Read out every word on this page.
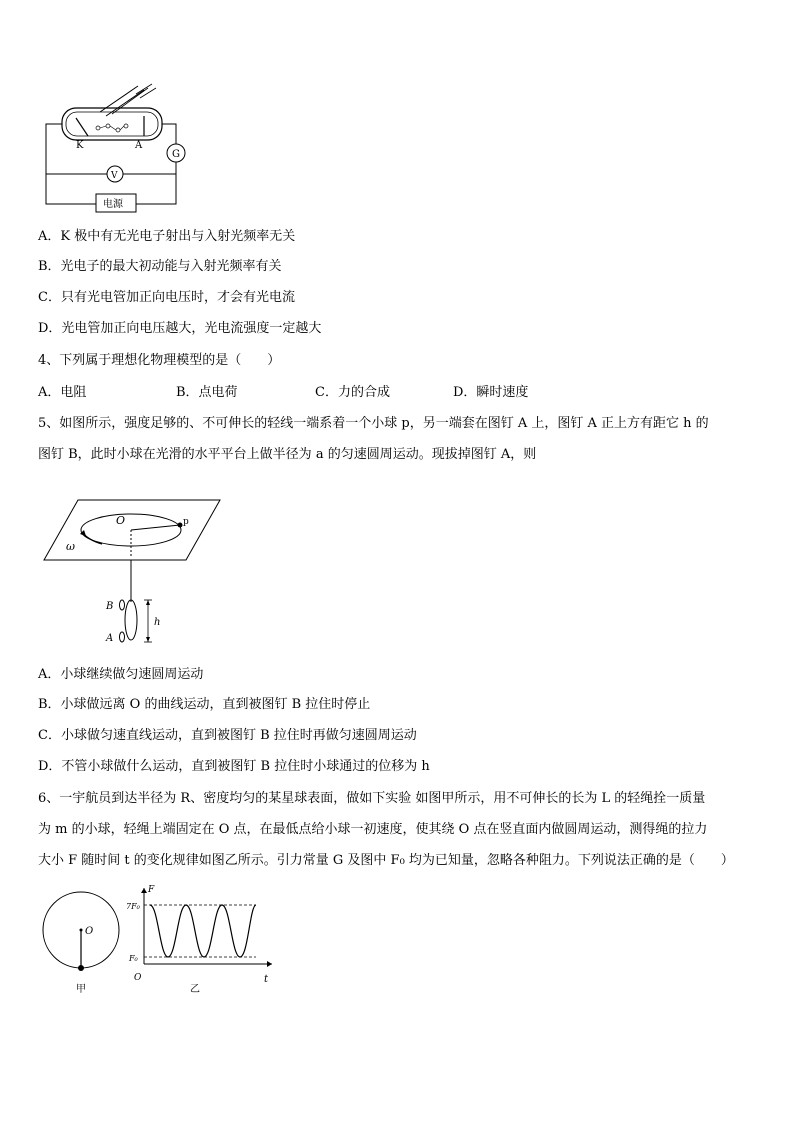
K	A
G
V
电源
A．K 极中有无光电子射出与入射光频率无关
B．光电子的最大初动能与入射光频率有关
C．只有光电管加正向电压时，才会有光电流
D．光电管加正向电压越大，光电流强度一定越大
4、下列属于理想化物理模型的是（　　）
A．电阻	B．点电荷	C．力的合成	D．瞬时速度
5、如图所示，强度足够的、不可伸长的轻线一端系着一个小球 p，另一端套在图钉 A 上，图钉 A 正上方有距它 h 的
图钉 B，此时小球在光滑的水平平台上做半径为 a 的匀速圆周运动。现拔掉图钉 A，则
O	p
ω
B
A
h
A．小球继续做匀速圆周运动
B．小球做远离 O 的曲线运动，直到被图钉 B 拉住时停止
C．小球做匀速直线运动，直到被图钉 B 拉住时再做匀速圆周运动
D．不管小球做什么运动，直到被图钉 B 拉住时小球通过的位移为 h
6、一宇航员到达半径为 R、密度均匀的某星球表面，做如下实验 如图甲所示，用不可伸长的长为 L 的轻绳拴一质量
为 m 的小球，轻绳上端固定在 O 点，在最低点给小球一初速度，使其绕 O 点在竖直面内做圆周运动，测得绳的拉力
大小 F 随时间 t 的变化规律如图乙所示。引力常量 G 及图中 F₀ 均为已知量，忽略各种阻力。下列说法正确的是（　　）
O
甲
F
t
O
7F₀
F₀
乙
